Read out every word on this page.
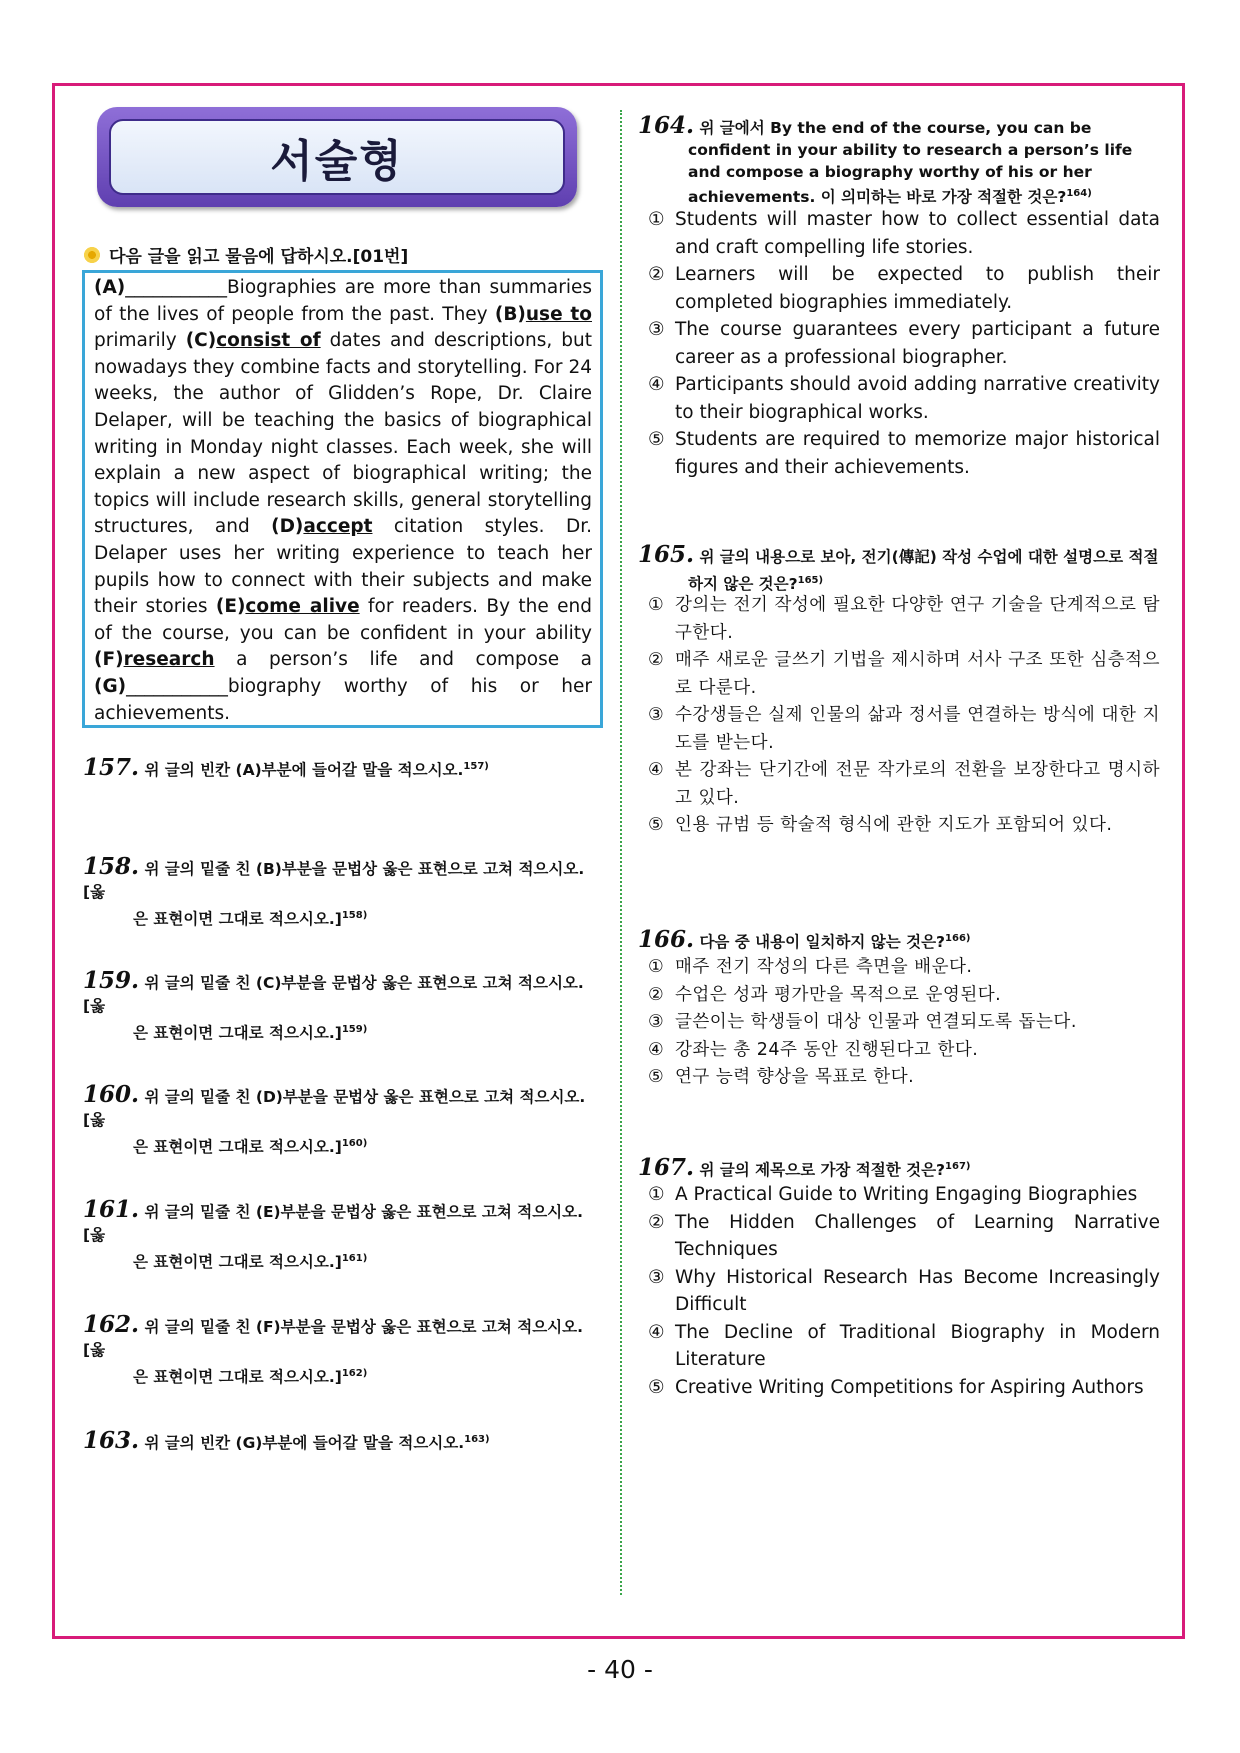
서술형
다음 글을 읽고 물음에 답하시오.[01번]
(A)___________Biographies are more than summaries of the lives of people from the past. They (B)use to primarily (C)consist of dates and descriptions, but nowadays they combine facts and storytelling. For 24 weeks, the author of Glidden’s Rope, Dr. Claire Delaper, will be teaching the basics of biographical writing in Monday night classes. Each week, she will explain a new aspect of biographical writing; the topics will include research skills, general storytelling structures, and (D)accept citation styles. Dr. Delaper uses her writing experience to teach her pupils how to connect with their subjects and make their stories (E)come alive for readers. By the end of the course, you can be confident in your ability (F)research a person’s life and compose a (G)___________biography worthy of his or her achievements.
157. 위 글의 빈칸 (A)부분에 들어갈 말을 적으시오.$^{157)}$
158. 위 글의 밑줄 친 (B)부분을 문법상 옳은 표현으로 고쳐 적으시오.[옳
은 표현이면 그대로 적으시오.]$^{158)}$
159. 위 글의 밑줄 친 (C)부분을 문법상 옳은 표현으로 고쳐 적으시오.[옳
은 표현이면 그대로 적으시오.]$^{159)}$
160. 위 글의 밑줄 친 (D)부분을 문법상 옳은 표현으로 고쳐 적으시오.[옳
은 표현이면 그대로 적으시오.]$^{160)}$
161. 위 글의 밑줄 친 (E)부분을 문법상 옳은 표현으로 고쳐 적으시오.[옳
은 표현이면 그대로 적으시오.]$^{161)}$
162. 위 글의 밑줄 친 (F)부분을 문법상 옳은 표현으로 고쳐 적으시오.[옳
은 표현이면 그대로 적으시오.]$^{162)}$
163. 위 글의 빈칸 (G)부분에 들어갈 말을 적으시오.$^{163)}$
164. 위 글에서 By the end of the course, you can be
confident in your ability to research a person’s life
and compose a biography worthy of his or her
achievements. 이 의미하는 바로 가장 적절한 것은?$^{164)}$
① Students will master how to collect essential data and craft compelling life stories.
② Learners will be expected to publish their completed biographies immediately.
③ The course guarantees every participant a future career as a professional biographer.
④ Participants should avoid adding narrative creativity to their biographical works.
⑤ Students are required to memorize major historical figures and their achievements.
165. 위 글의 내용으로 보아, 전기(傳記) 작성 수업에 대한 설명으로 적절
하지 않은 것은?$^{165)}$
① 강의는 전기 작성에 필요한 다양한 연구 기술을 단계적으로 탐구한다.
② 매주 새로운 글쓰기 기법을 제시하며 서사 구조 또한 심층적으로 다룬다.
③ 수강생들은 실제 인물의 삶과 정서를 연결하는 방식에 대한 지도를 받는다.
④ 본 강좌는 단기간에 전문 작가로의 전환을 보장한다고 명시하고 있다.
⑤ 인용 규범 등 학술적 형식에 관한 지도가 포함되어 있다.
166. 다음 중 내용이 일치하지 않는 것은?$^{166)}$
① 매주 전기 작성의 다른 측면을 배운다.
② 수업은 성과 평가만을 목적으로 운영된다.
③ 글쓴이는 학생들이 대상 인물과 연결되도록 돕는다.
④ 강좌는 총 24주 동안 진행된다고 한다.
⑤ 연구 능력 향상을 목표로 한다.
167. 위 글의 제목으로 가장 적절한 것은?$^{167)}$
① A Practical Guide to Writing Engaging Biographies
② The Hidden Challenges of Learning Narrative Techniques
③ Why Historical Research Has Become Increasingly Difficult
④ The Decline of Traditional Biography in Modern Literature
⑤ Creative Writing Competitions for Aspiring Authors
- 40 -
